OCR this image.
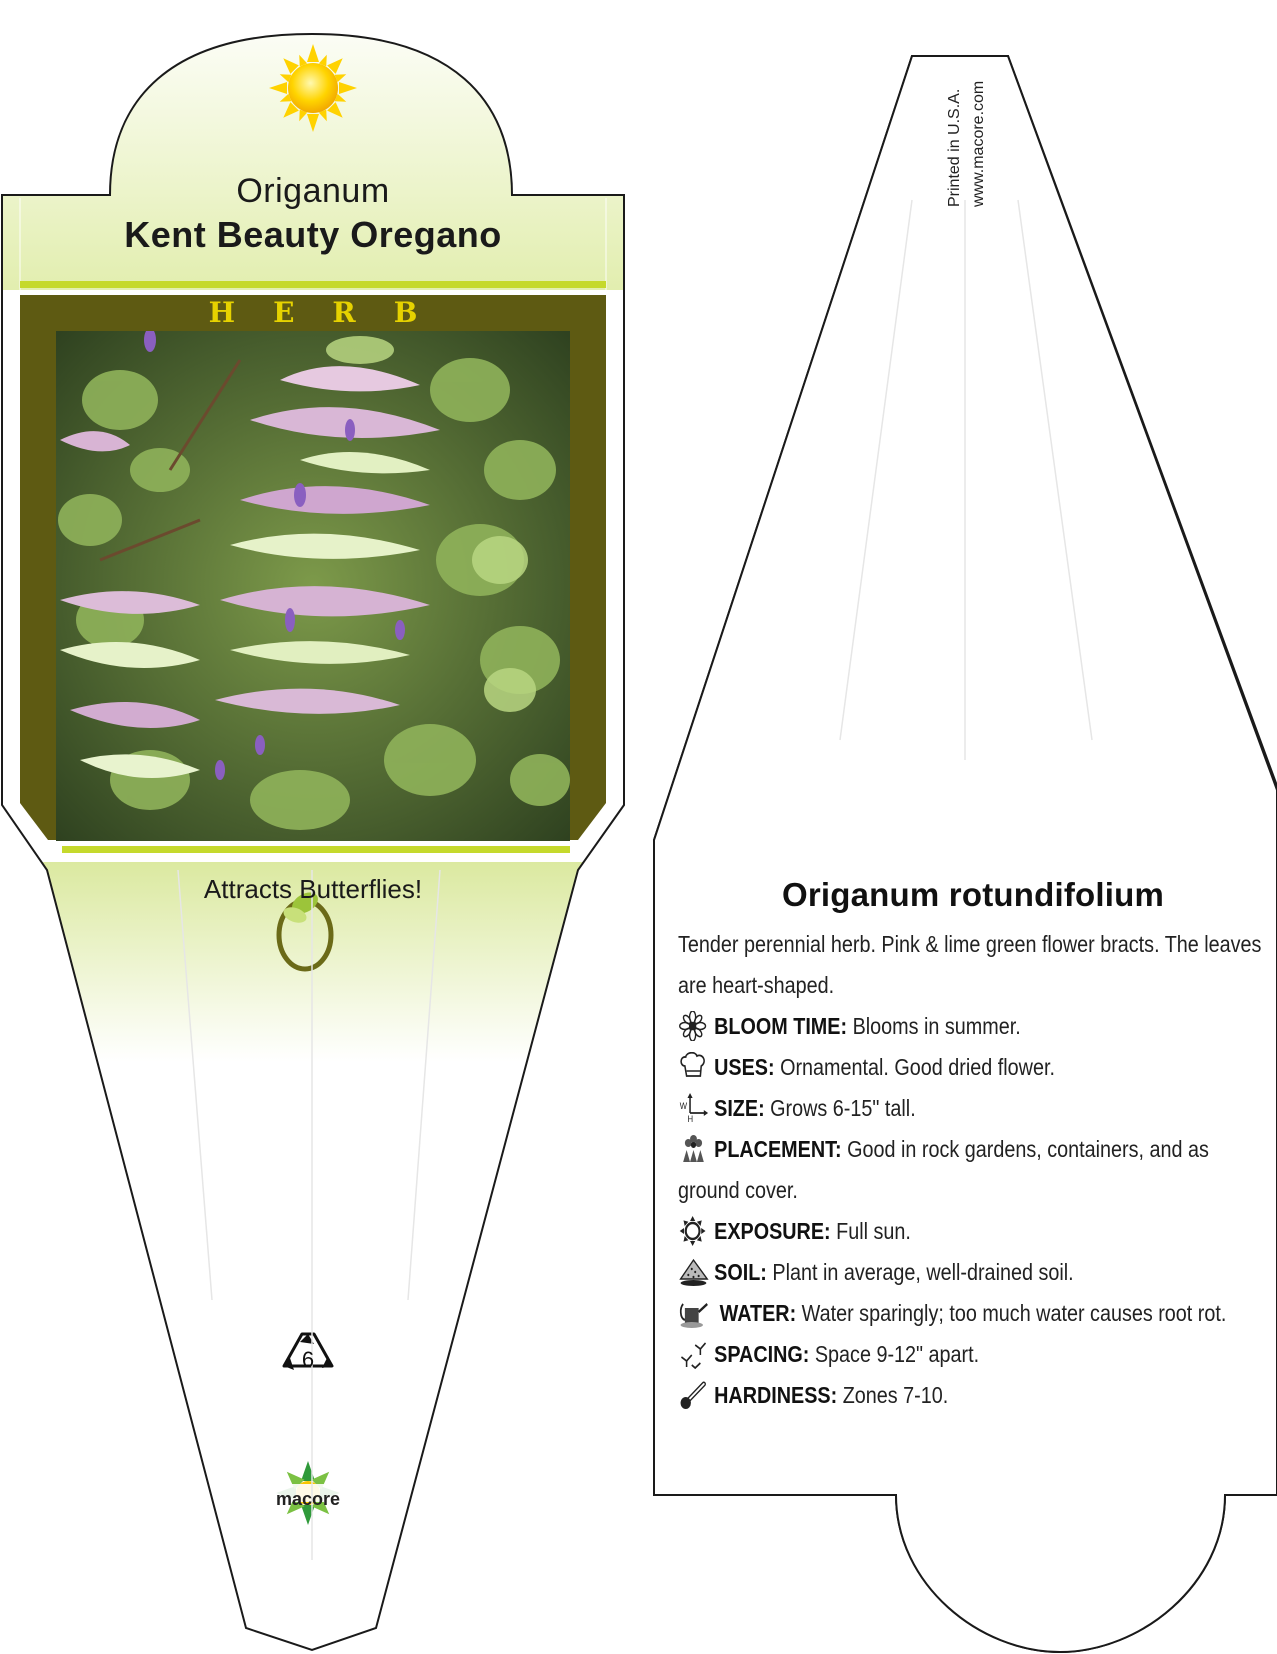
Origanum
Kent Beauty Oregano
HERB
Attracts Butterflies!
6
macore
Printed in U.S.A. www.macore.com
Origanum rotundifolium
Tender perennial herb. Pink & lime green flower bracts. The leaves are heart-shaped.
BLOOM TIME: Blooms in summer.
USES: Ornamental. Good dried flower.
W
H SIZE: Grows 6-15" tall.
PLACEMENT: Good in rock gardens, containers, and as ground cover.
EXPOSURE: Full sun.
SOIL: Plant in average, well-drained soil.
WATER: Water sparingly; too much water causes root rot.
SPACING: Space 9-12" apart.
HARDINESS: Zones 7-10.
